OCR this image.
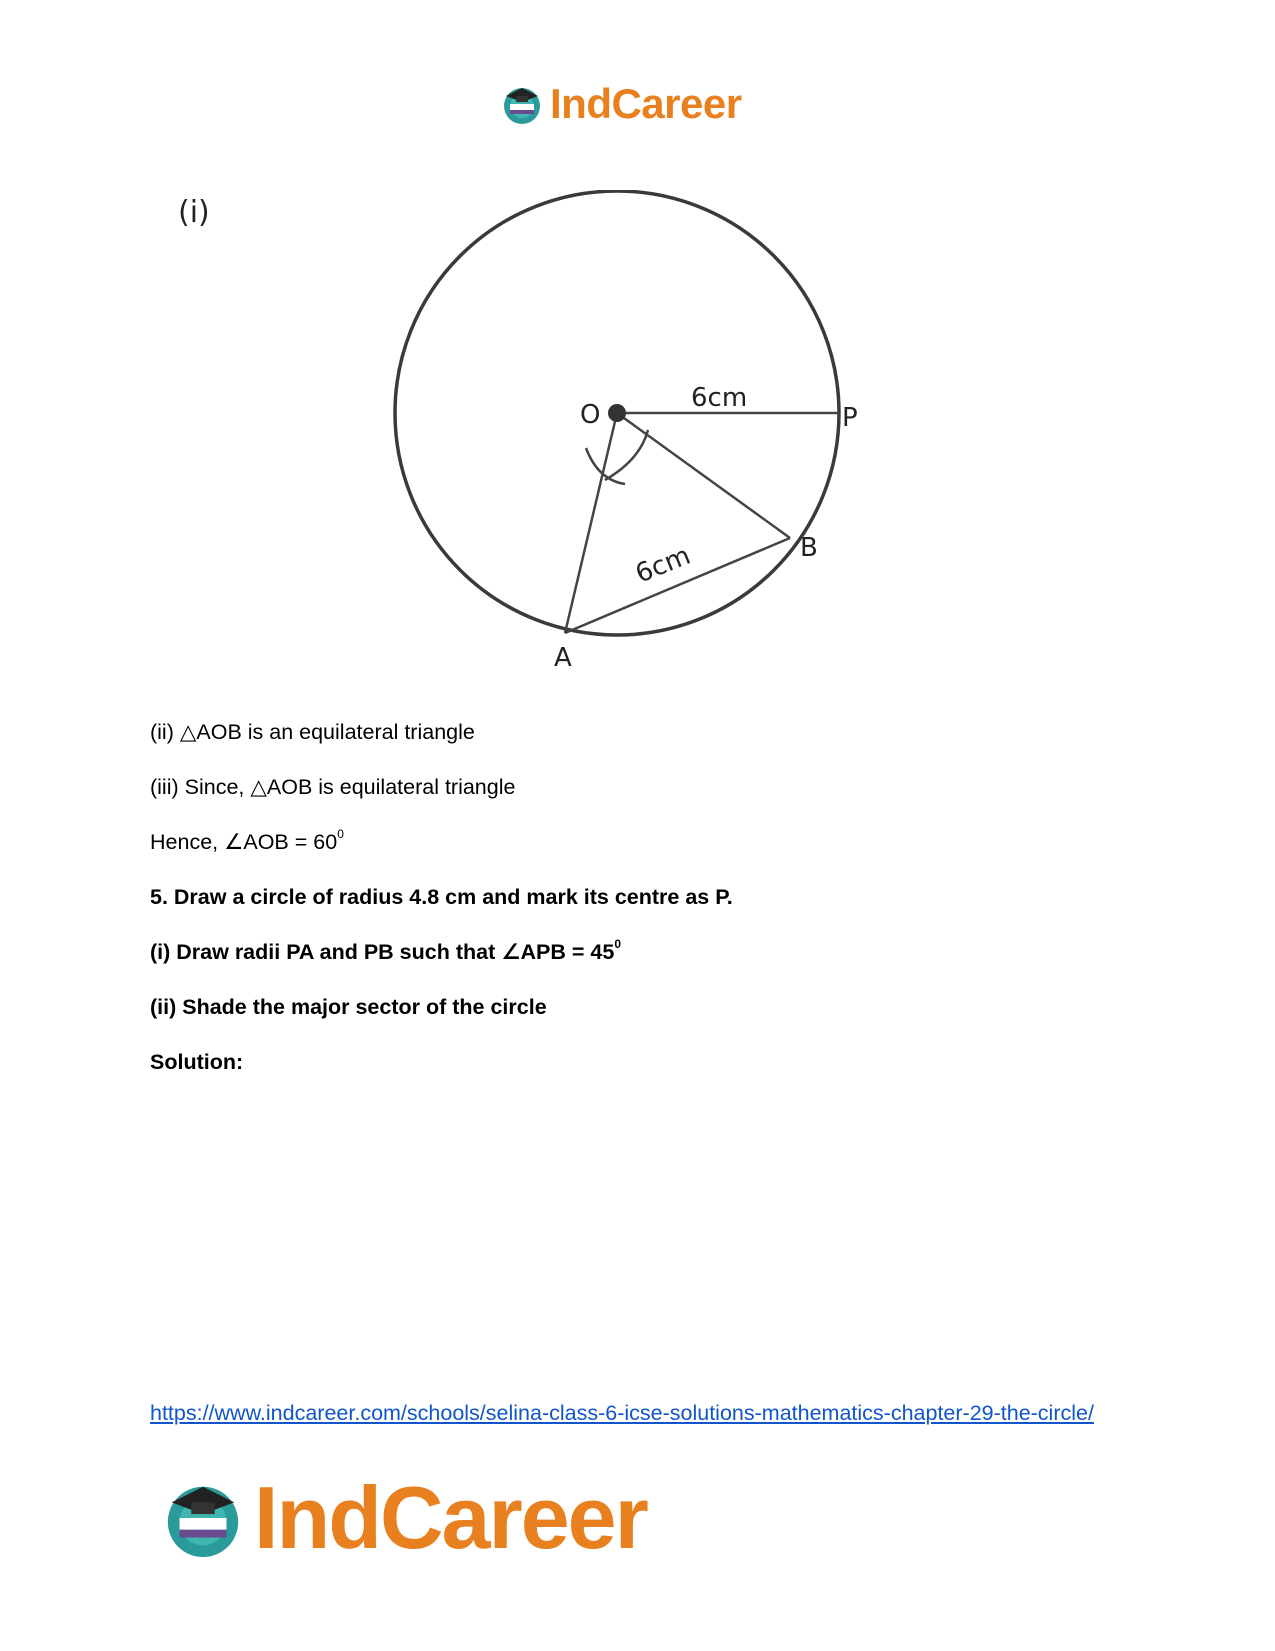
IndCareer
(i)
O	P
B
A
6cm
6cm
(ii) △AOB is an equilateral triangle
(iii) Since, △AOB is equilateral triangle
Hence, ∠AOB = $60^0$
5. Draw a circle of radius 4.8 cm and mark its centre as P.
(i) Draw radii PA and PB such that ∠APB = $45^0$
(ii) Shade the major sector of the circle
Solution:
https://www.indcareer.com/schools/selina-class-6-icse-solutions-mathematics-chapter-29-the-circle/
IndCareer
